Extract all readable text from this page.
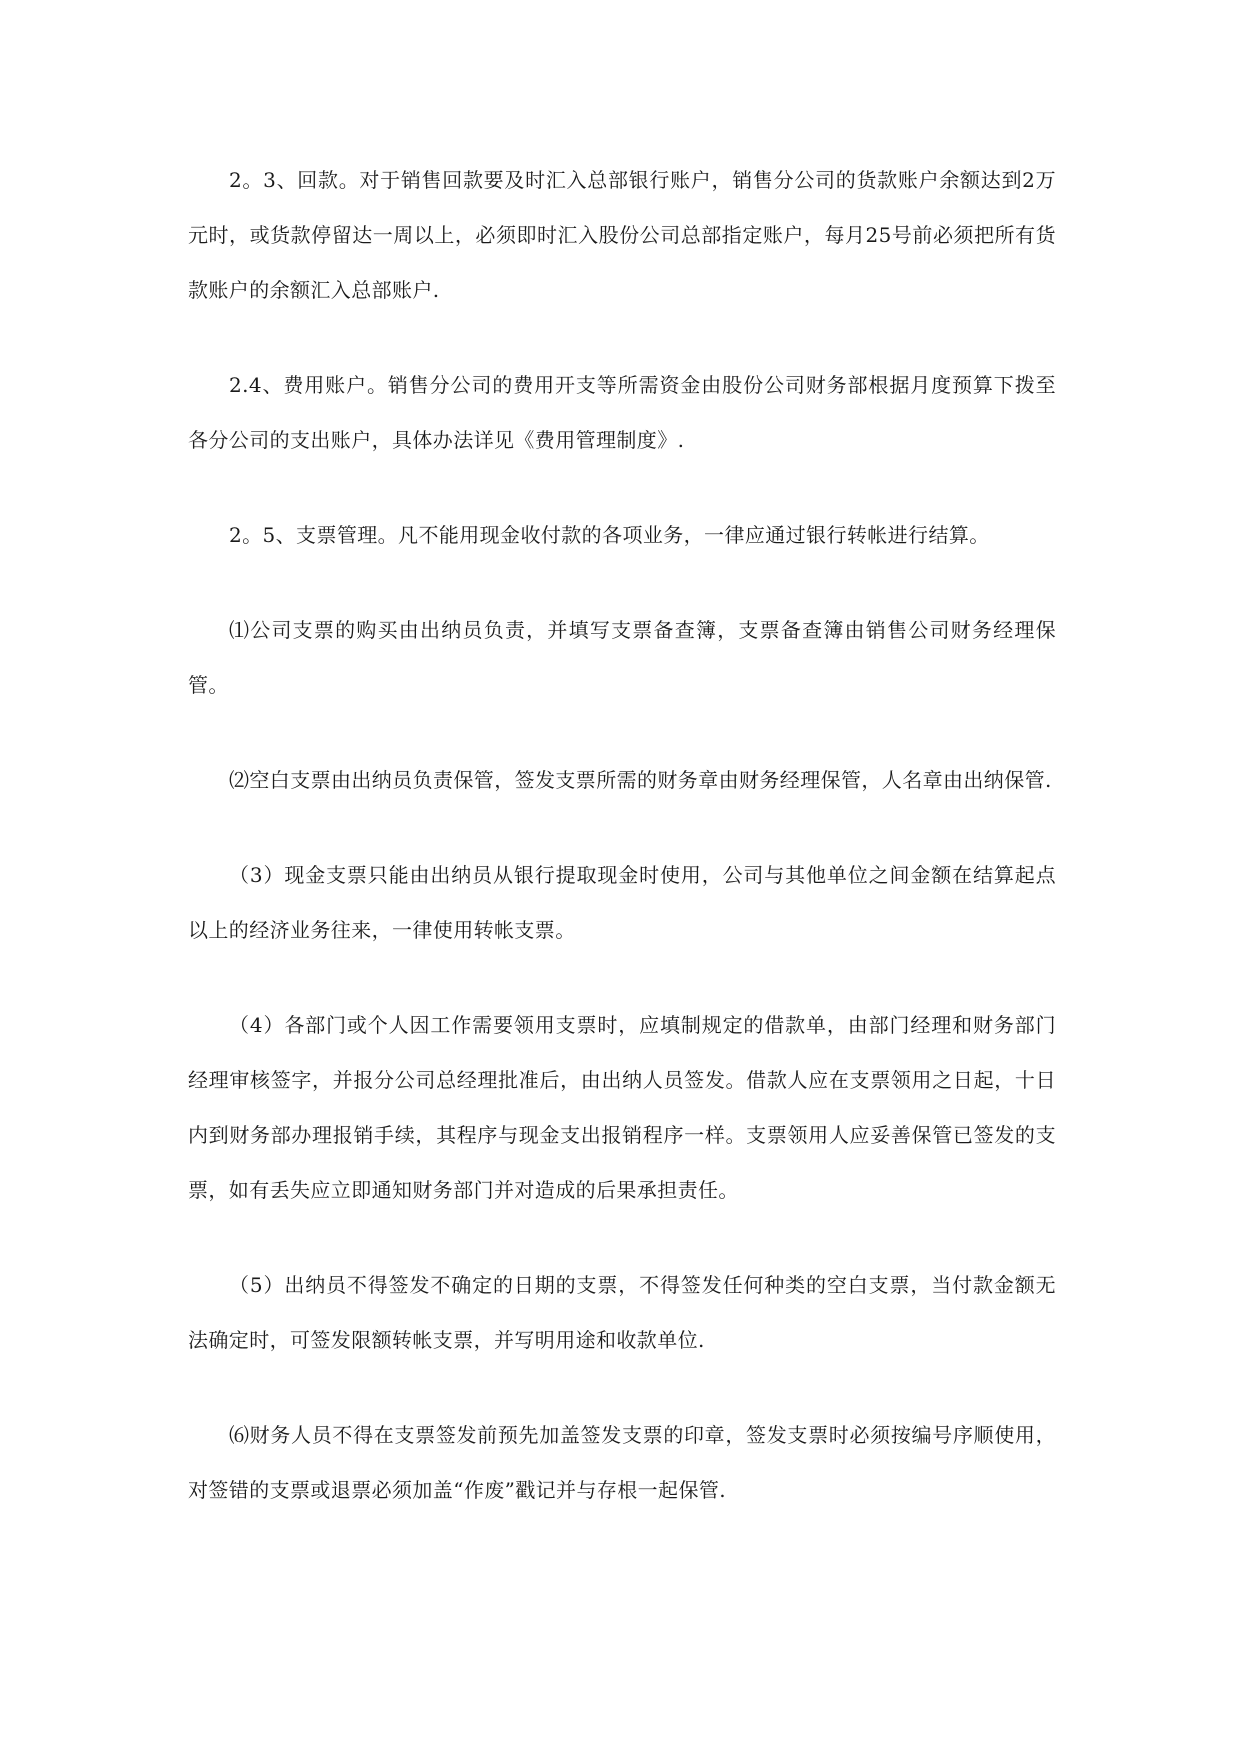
2。3、回款。对于销售回款要及时汇入总部银行账户，销售分公司的货款账户余额达到2万元时，或货款停留达一周以上，必须即时汇入股份公司总部指定账户，每月25号前必须把所有货款账户的余额汇入总部账户.

2.4、费用账户。销售分公司的费用开支等所需资金由股份公司财务部根据月度预算下拨至各分公司的支出账户，具体办法详见《费用管理制度》.

2。5、支票管理。凡不能用现金收付款的各项业务，一律应通过银行转帐进行结算。

⑴公司支票的购买由出纳员负责，并填写支票备查簿，支票备查簿由销售公司财务经理保管。

⑵空白支票由出纳员负责保管，签发支票所需的财务章由财务经理保管，人名章由出纳保管.

（3）现金支票只能由出纳员从银行提取现金时使用，公司与其他单位之间金额在结算起点以上的经济业务往来，一律使用转帐支票。

（4）各部门或个人因工作需要领用支票时，应填制规定的借款单，由部门经理和财务部门经理审核签字，并报分公司总经理批准后，由出纳人员签发。借款人应在支票领用之日起，十日内到财务部办理报销手续，其程序与现金支出报销程序一样。支票领用人应妥善保管已签发的支票，如有丢失应立即通知财务部门并对造成的后果承担责任。

（5）出纳员不得签发不确定的日期的支票，不得签发任何种类的空白支票，当付款金额无法确定时，可签发限额转帐支票，并写明用途和收款单位.

⑹财务人员不得在支票签发前预先加盖签发支票的印章，签发支票时必须按编号序顺使用，对签错的支票或退票必须加盖“作废”戳记并与存根一起保管.
